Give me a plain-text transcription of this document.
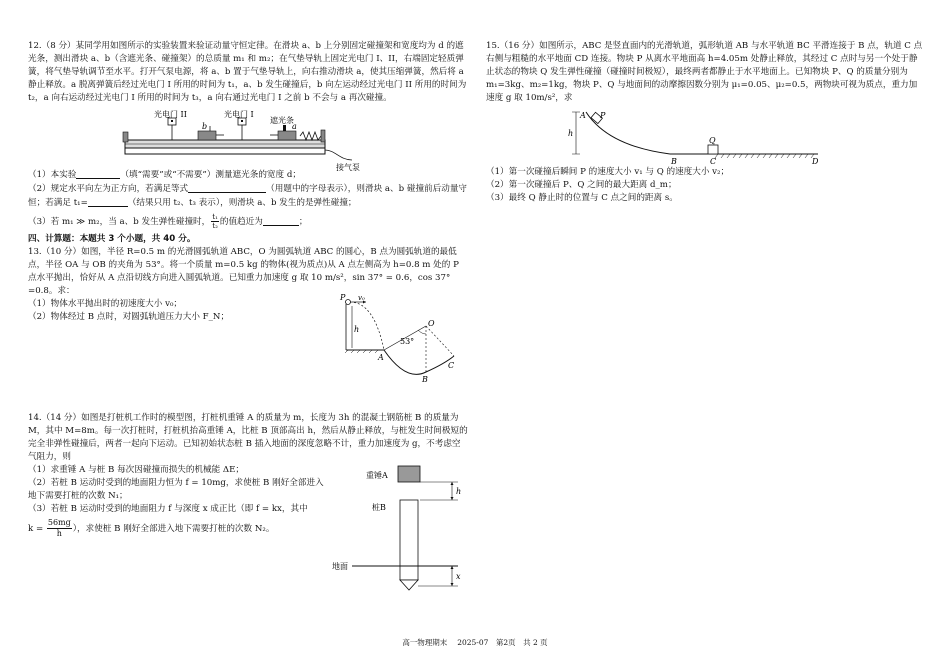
12.（8 分）某同学用如图所示的实验装置来验证动量守恒定律。在滑块 a、b 上分别固定碰撞架和宽度均为 d 的遮光条，测出滑块 a、b（含遮光条、碰撞架）的总质量 m₁ 和 m₂；在气垫导轨上固定光电门 I、II，右端固定轻质弹簧，将气垫导轨调节至水平。打开气泵电源，将 a、b 置于气垫导轨上，向右推动滑块 a，使其压缩弹簧，然后将 a 静止释放。a 脱离弹簧后经过光电门 I 所用的时间为 t₁，a、b 发生碰撞后，b 向左运动经过光电门 II 所用的时间为 t₂，a 向右运动经过光电门 I 所用的时间为 t₃，a 向右通过光电门 I 之前 b 不会与 a 再次碰撞。

光电门 II	光电门 I
遮光条
b	a
接气泵

（1）本实验	（填“需要”或“不需要”）测量遮光条的宽度 d；

（2）规定水平向左为正方向，若满足等式	（用题中的字母表示），则滑块 a、b 碰撞前后动量守恒；若满足 t₁=	（结果只用 t₂、t₃ 表示），则滑块 a、b 发生的是弹性碰撞；

（3）若 m₁ ≫ m₂，当 a、b 发生弹性碰撞时， $\frac{\text{t₁}}{\text{t₂}}$ 的值趋近为	；

四、计算题：本题共 3 个小题，共 40 分。

13.（10 分）如图，半径 R=0.5 m 的光滑圆弧轨道 ABC，O 为圆弧轨道 ABC 的圆心，B 点为圆弧轨道的最低点，半径 OA 与 OB 的夹角为 53°。将一个质量 m=0.5 kg 的物体(视为质点)从 A 点左侧高为 h=0.8 m 处的 P 点水平抛出，恰好从 A 点沿切线方向进入圆弧轨道。已知重力加速度 g 取 10 m/s²，sin 37° = 0.6，cos 37° =0.8。求：

（1）物体水平抛出时的初速度大小 v₀；

（2）物体经过 B 点时，对圆弧轨道压力大小 F_N；

P v₀
h
O
53°
A
B
C

14.（14 分）如图是打桩机工作时的模型图，打桩机重锤 A 的质量为 m，长度为 3h 的混凝土钢筋桩 B 的质量为 M，其中 M=8m。每一次打桩时，打桩机抬高重锤 A，比桩 B 顶部高出 h，然后从静止释放，与桩发生时间极短的完全非弹性碰撞后，两者一起向下运动。已知初始状态桩 B 插入地面的深度忽略不计，重力加速度为 g，不考虑空气阻力，则

（1）求重锤 A 与桩 B 每次因碰撞而损失的机械能 ΔE；

（2）若桩 B 运动时受到的地面阻力恒为 f = 10mg，求使桩 B 刚好全部进入地下需要打桩的次数 N₁；

（3）若桩 B 运动时受到的地面阻力 f 与深度 x 成正比（即 f = kx，其中

$k = \frac{56mg}{h}$ ），求使桩 B 刚好全部进入地下需要打桩的次数 N₂。

重锤A
桩B
地面
h
x

15.（16 分）如图所示，ABC 是竖直面内的光滑轨道，弧形轨道 AB 与水平轨道 BC 平滑连接于 B 点，轨道 C 点右侧与粗糙的水平地面 CD 连接。物块 P 从离水平地面高 h=4.05m 处静止释放，其经过 C 点时与另一个处于静止状态的物块 Q 发生弹性碰撞（碰撞时间极短），最终两者都静止于水平地面上。已知物块 P、Q 的质量分别为 m₁=3kg、m₂=1kg，物块 P、Q 与地面间的动摩擦因数分别为 μ₁=0.05、μ₂=0.5，两物块可视为质点，重力加速度 g 取 10m/s²，求

A P
h
B	C
Q
D

（1）第一次碰撞后瞬间 P 的速度大小 v₁ 与 Q 的速度大小 v₂；

（2）第一次碰撞后 P、Q 之间的最大距离 d_m；

（3）最终 Q 静止时的位置与 C 点之间的距离 s。

高一物理期末　 2025-07　第2页　共 2 页
